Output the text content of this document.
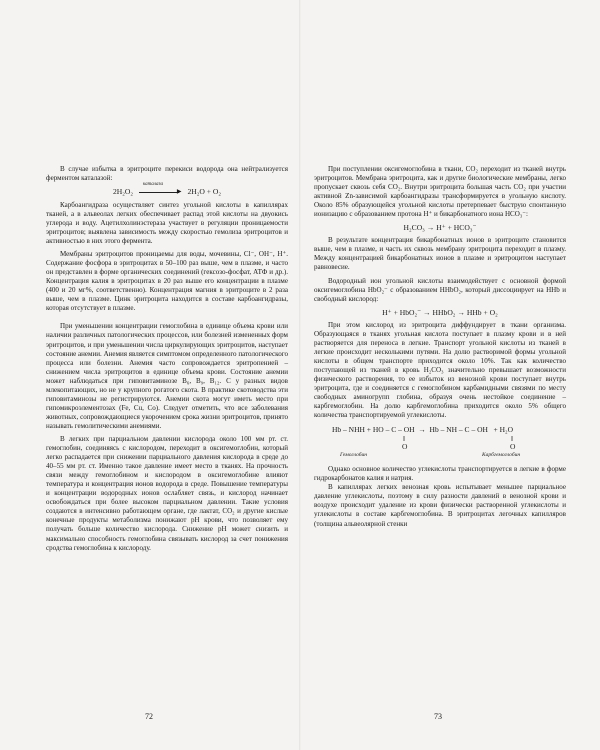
В случае избытка в эритроците перекиси водорода она нейтрализуется ферментом каталазой:

2H₂O₂
каталаза
▶ 2H₂O + O₂

Карбоангидраза осуществляет синтез угольной кислоты в капиллярах тканей, а в альвеолах легких обеспечивает распад этой кислоты на двуокись углерода и воду. Ацетилхолинэстераза участвует в регуляции проницаемости эритроцитов; выявлена зависимость между скоростью гемолиза эритроцитов и активностью в них этого фермента.

Мембраны эритроцитов проницаемы для воды, мочевины, Cl⁻, OH⁻, H⁺. Содержание фосфора в эритроцитах в 50–100 раз выше, чем в плазме, и часто он представлен в форме органических соединений (гексозо-фосфат, АТФ и др.). Концентрация калия в эритроцитах в 20 раз выше его концентрации в плазме (400 и 20 мг%, соответственно). Концентрация магния в эритроците в 2 раза выше, чем в плазме. Цинк эритроцита находится в составе карбоангидразы, которая отсутствует в плазме.

При уменьшении концентрации гемоглобина в единице объема крови или наличии различных патологических процессов, или болезней измененных форм эритроцитов, и при уменьшении числа циркулирующих эритроцитов, наступает состояние анемии. Анемия является симптомом определенного патологического процесса или болезни. Анемия часто сопровождается эритропенией – снижением числа эритроцитов в единице объема крови. Состояние анемии может наблюдаться при гиповитаминозе B₆, B₉, B₁₂. С у разных видов млекопитающих, но не у крупного рогатого скота. В практике скотоводства эти гиповитаминозы не регистрируются. Анемии скота могут иметь место при гипомикроэлементозах (Fe, Cu, Co). Следует отметить, что все заболевания животных, сопровождающиеся укорочением срока жизни эритроцитов, принято называть гемолитическими анемиями.

В легких при парциальном давлении кислорода около 100 мм рт. ст. гемоглобин, соединяясь с кислородом, переходит в оксигемоглобин, который легко распадается при снижении парциального давления кислорода в среде до 40–55 мм рт. ст. Именно такое давление имеет место в тканях. На прочность связи между гемоглобином и кислородом в оксигемоглобине влияют температура и концентрация ионов водорода в среде. Повышение температуры и концентрации водородных ионов ослабляет связь, и кислород начинает освобождаться при более высоком парциальном давлении. Такие условия создаются в интенсивно работающем органе, где лактат, CO₂ и другие кислые конечные продукты метаболизма понижают pH крови, что позволяет ему получать больше количество кислорода. Снижение pH может снизить и максимально способность гемоглобина связывать кислород за счет понижения сродства гемоглобина к кислороду.

72

При поступлении оксигемоглобина в ткани, CO₂ переходит из тканей внутрь эритроцитов. Мембрана эритроцита, как и другие биологические мембраны, легко пропускает сквозь себя CO₂. Внутри эритроцита большая часть CO₂ при участии активной Zn-зависимой карбоангидразы трансформируется в угольную кислоту. Около 85% образующейся угольной кислоты претерпевает быструю спонтанную ионизацию с образованием протона H⁺ и бикарбонатного иона HCO₃⁻:

H₂CO₃ → H⁺ + HCO₃⁻

В результате концентрация бикарбонатных ионов в эритроците становится выше, чем в плазме, и часть их сквозь мембрану эритроцита переходит в плазму. Между концентрацией бикарбонатных ионов в плазме и эритроцитом наступает равновесие.

Водородный ион угольной кислоты взаимодействует с основной формой оксигемоглобина HbO₂⁻ с образованием HHbO₂, который диссоциирует на HHb и свободный кислород:

H⁺ + HbO₂⁻ → HHbO₂ → HHb + O₂

При этом кислород из эритроцита диффундирует в ткани организма. Образующаяся в тканях угольная кислота поступает в плазму крови и в ней растворяется для переноса в легкие. Транспорт угольной кислоты из тканей в легкие происходит несколькими путями. На долю растворимой формы угольной кислоты в общем транспорте приходится около 10%. Так как количество поступающей из тканей в кровь H₂CO₃ значительно превышает возможности физического растворения, то ее избыток из венозной крови поступает внутрь эритроцита, где и соединяется с гемоглобином карбамидными связями по месту свободных аминогрупп глобина, образуя очень нестойкое соединение – карбгемоглобин. На долю карбгемоглобина приходится около 5% общего количества транспортируемой углекислоты.

Hb – NHH + HO – C – OH  →  Hb – NH – C – OH   + H₂O
‖
O
‖
O
Гемоглобин	Карбгемоглобин

Однако основное количество углекислоты транспортируется в легкие в форме гидрокарбонатов калия и натрия.

В капиллярах легких венозная кровь испытывает меньшее парциальное давление углекислоты, поэтому в силу разности давлений в венозной крови и воздухе происходит удаление из крови физически растворенной углекислоты и углекислоты в составе карбгемоглобина. В эритроцитах легочных капилляров (толщина альвеолярной стенки

73
